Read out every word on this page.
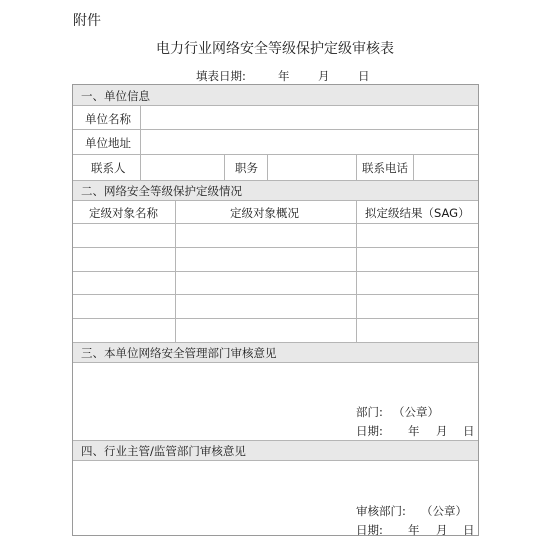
附件
电力行业网络安全等级保护定级审核表
填表日期:	年 月 日
一、单位信息
单位名称
单位地址
联系人	职务	联系电话
二、网络安全等级保护定级情况
定级对象名称	定级对象概况	拟定级结果（SAG）
三、本单位网络安全管理部门审核意见
部门: （公章）
日期: 年 月 日
四、行业主管/监管部门审核意见
审核部门: （公章）
日期: 年 月 日
